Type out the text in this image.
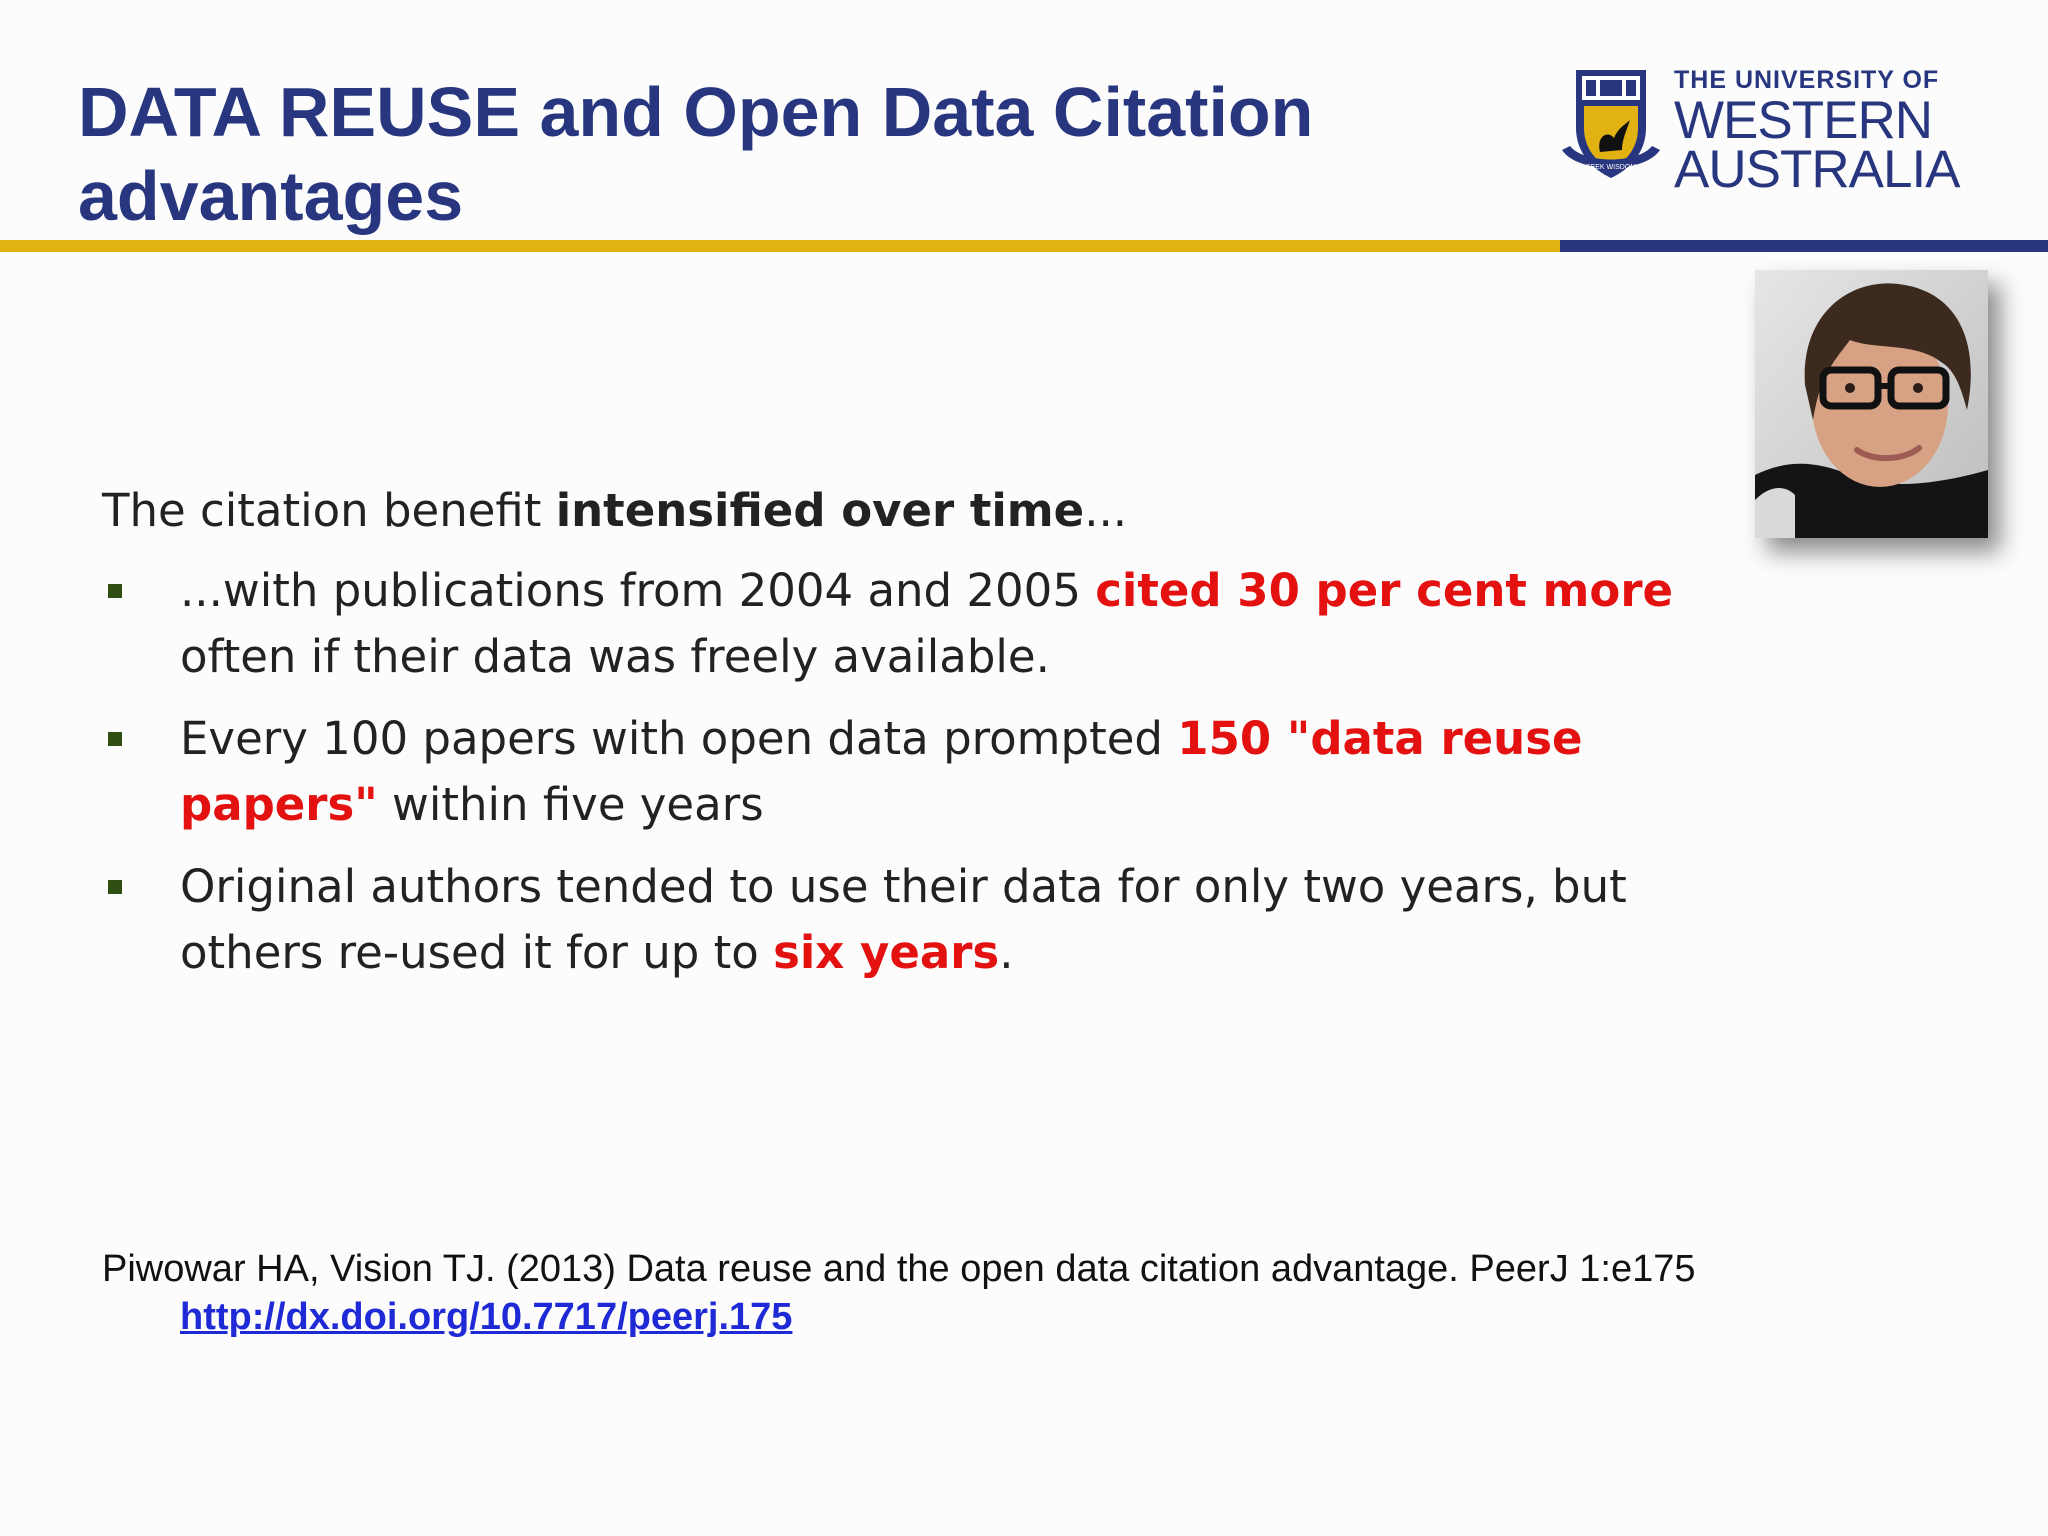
DATA REUSE and Open Data Citation
advantages	SEEK WISDOM
THE UNIVERSITY OF
WESTERN
AUSTRALIA

The citation benefit intensified over time...

...with publications from 2004 and 2005 cited 30 per cent more often if their data was freely available.
Every 100 papers with open data prompted 150 "data reuse papers" within five years
Original authors tended to use their data for only two years, but others re-used it for up to six years.
Piwowar HA, Vision TJ. (2013) Data reuse and the open data citation advantage. PeerJ 1:e175
http://dx.doi.org/10.7717/peerj.175
